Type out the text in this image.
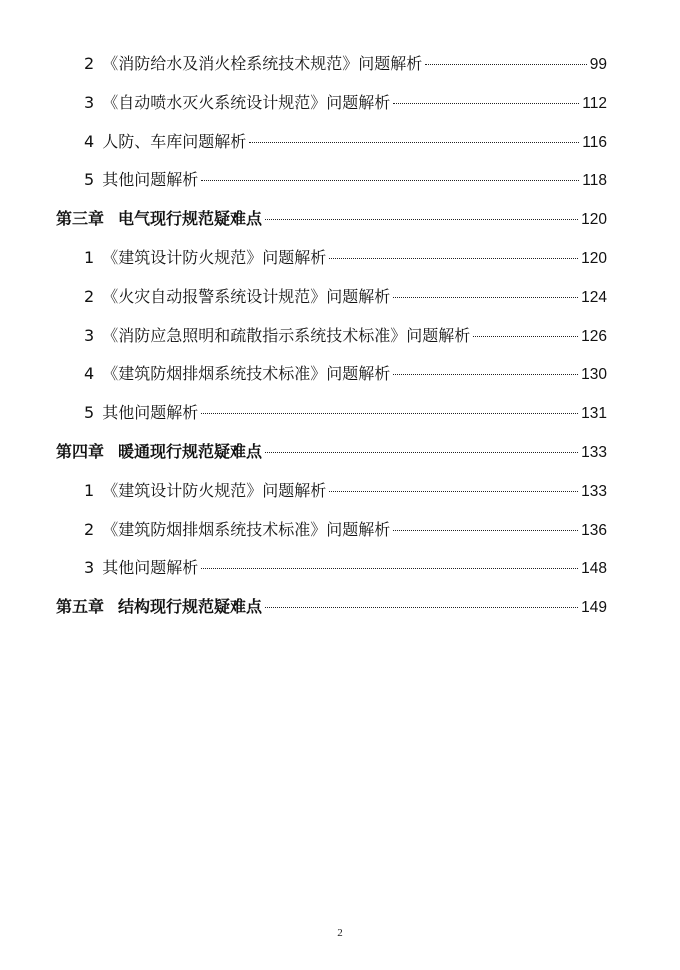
2 《消防给水及消火栓系统技术规范》问题解析	99
3 《自动喷水灭火系统设计规范》问题解析	112
4 人防、车库问题解析	116
5 其他问题解析	118
第三章 电气现行规范疑难点	120
1 《建筑设计防火规范》问题解析	120
2 《火灾自动报警系统设计规范》问题解析	124
3 《消防应急照明和疏散指示系统技术标准》问题解析	126
4 《建筑防烟排烟系统技术标准》问题解析	130
5 其他问题解析	131
第四章 暖通现行规范疑难点	133
1 《建筑设计防火规范》问题解析	133
2 《建筑防烟排烟系统技术标准》问题解析	136
3 其他问题解析	148
第五章 结构现行规范疑难点	149
2
